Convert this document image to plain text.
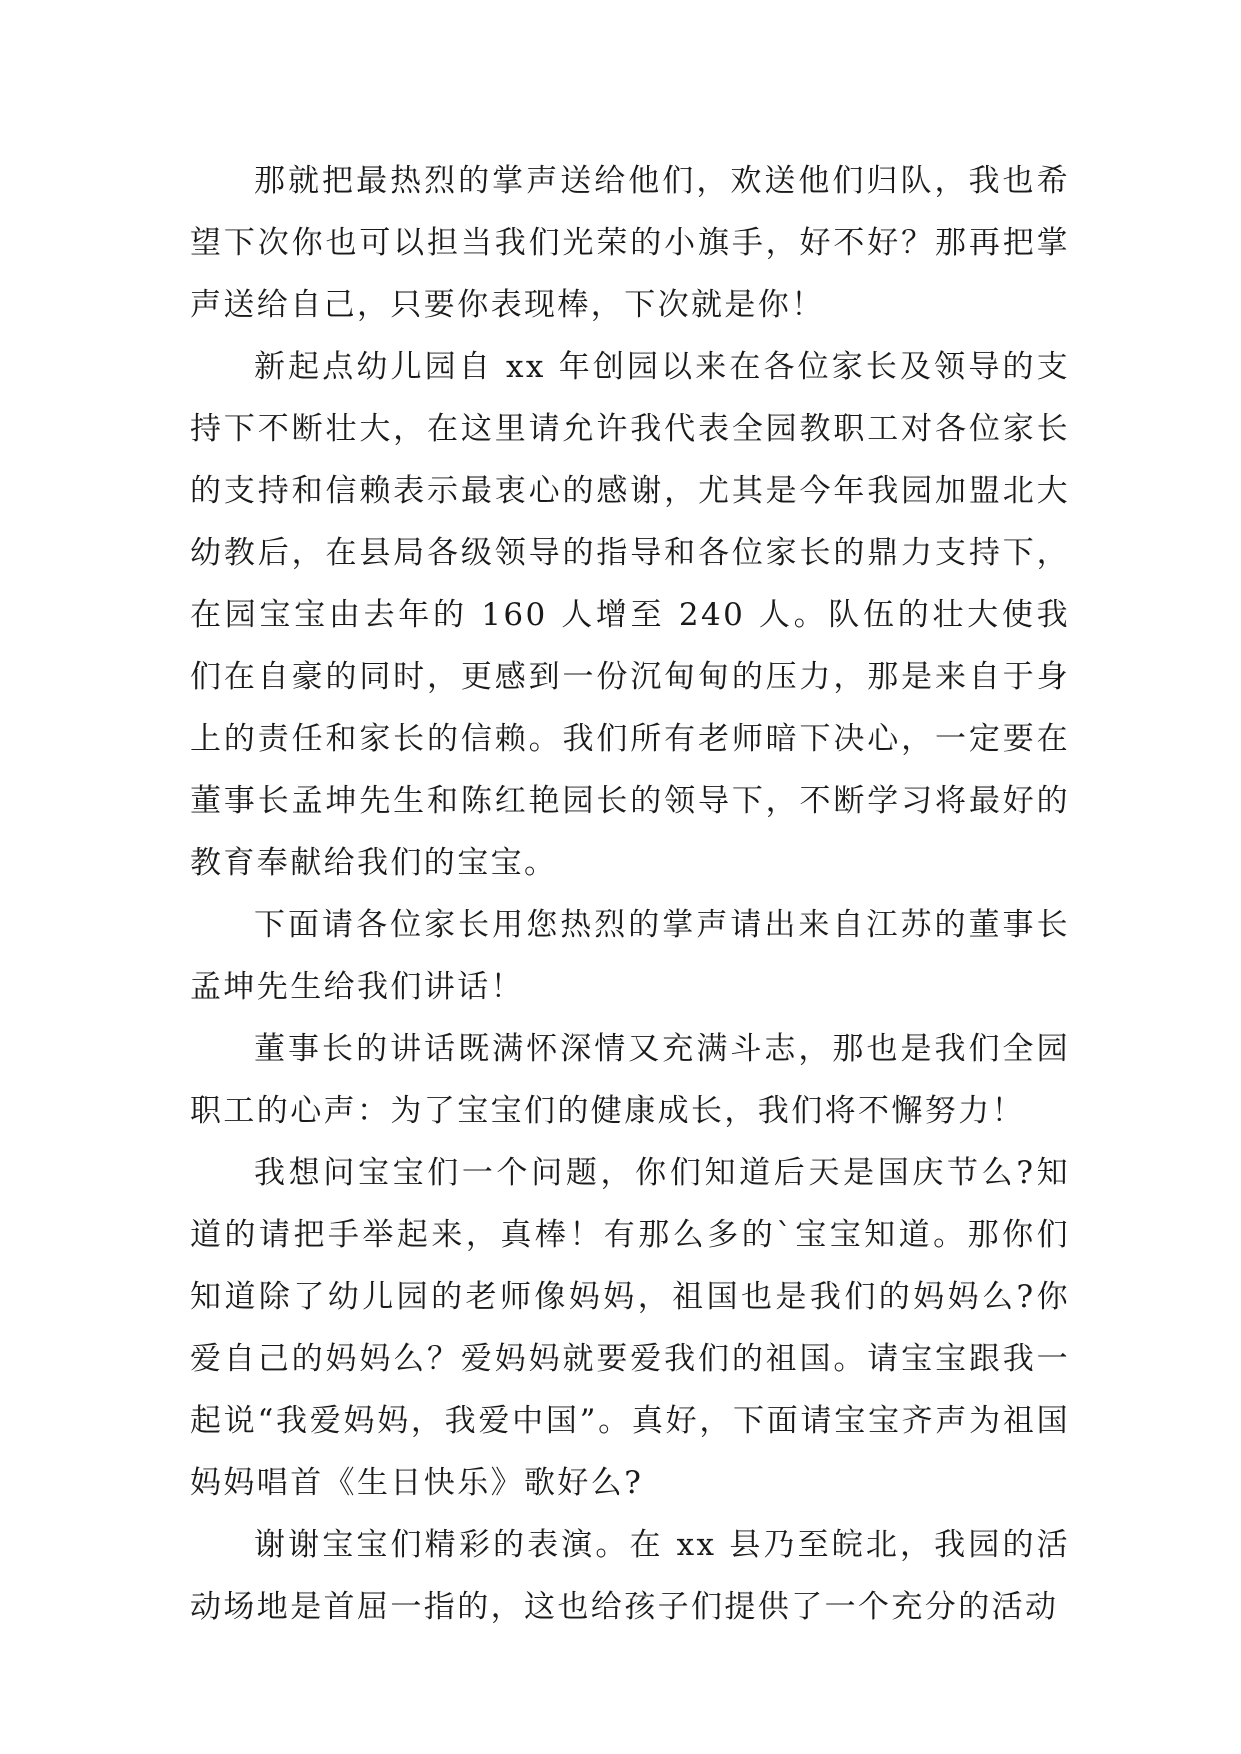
那就把最热烈的掌声送给他们，欢送他们归队，我也希望下次你也可以担当我们光荣的小旗手，好不好？那再把掌声送给自己，只要你表现棒，下次就是你！

新起点幼儿园自 xx 年创园以来在各位家长及领导的支持下不断壮大，在这里请允许我代表全园教职工对各位家长的支持和信赖表示最衷心的感谢，尤其是今年我园加盟北大幼教后，在县局各级领导的指导和各位家长的鼎力支持下，在园宝宝由去年的 160 人增至 240 人。队伍的壮大使我们在自豪的同时，更感到一份沉甸甸的压力，那是来自于身上的责任和家长的信赖。我们所有老师暗下决心，一定要在董事长孟坤先生和陈红艳园长的领导下，不断学习将最好的教育奉献给我们的宝宝。

下面请各位家长用您热烈的掌声请出来自江苏的董事长孟坤先生给我们讲话！

董事长的讲话既满怀深情又充满斗志，那也是我们全园职工的心声：为了宝宝们的健康成长，我们将不懈努力！

我想问宝宝们一个问题，你们知道后天是国庆节么?知道的请把手举起来，真棒！有那么多的`宝宝知道。那你们知道除了幼儿园的老师像妈妈，祖国也是我们的妈妈么?你爱自己的妈妈么？爱妈妈就要爱我们的祖国。请宝宝跟我一起说“我爱妈妈，我爱中国”。真好，下面请宝宝齐声为祖国妈妈唱首《生日快乐》歌好么?

谢谢宝宝们精彩的表演。在 xx 县乃至皖北，我园的活动场地是首屈一指的，这也给孩子们提供了一个充分的活动
